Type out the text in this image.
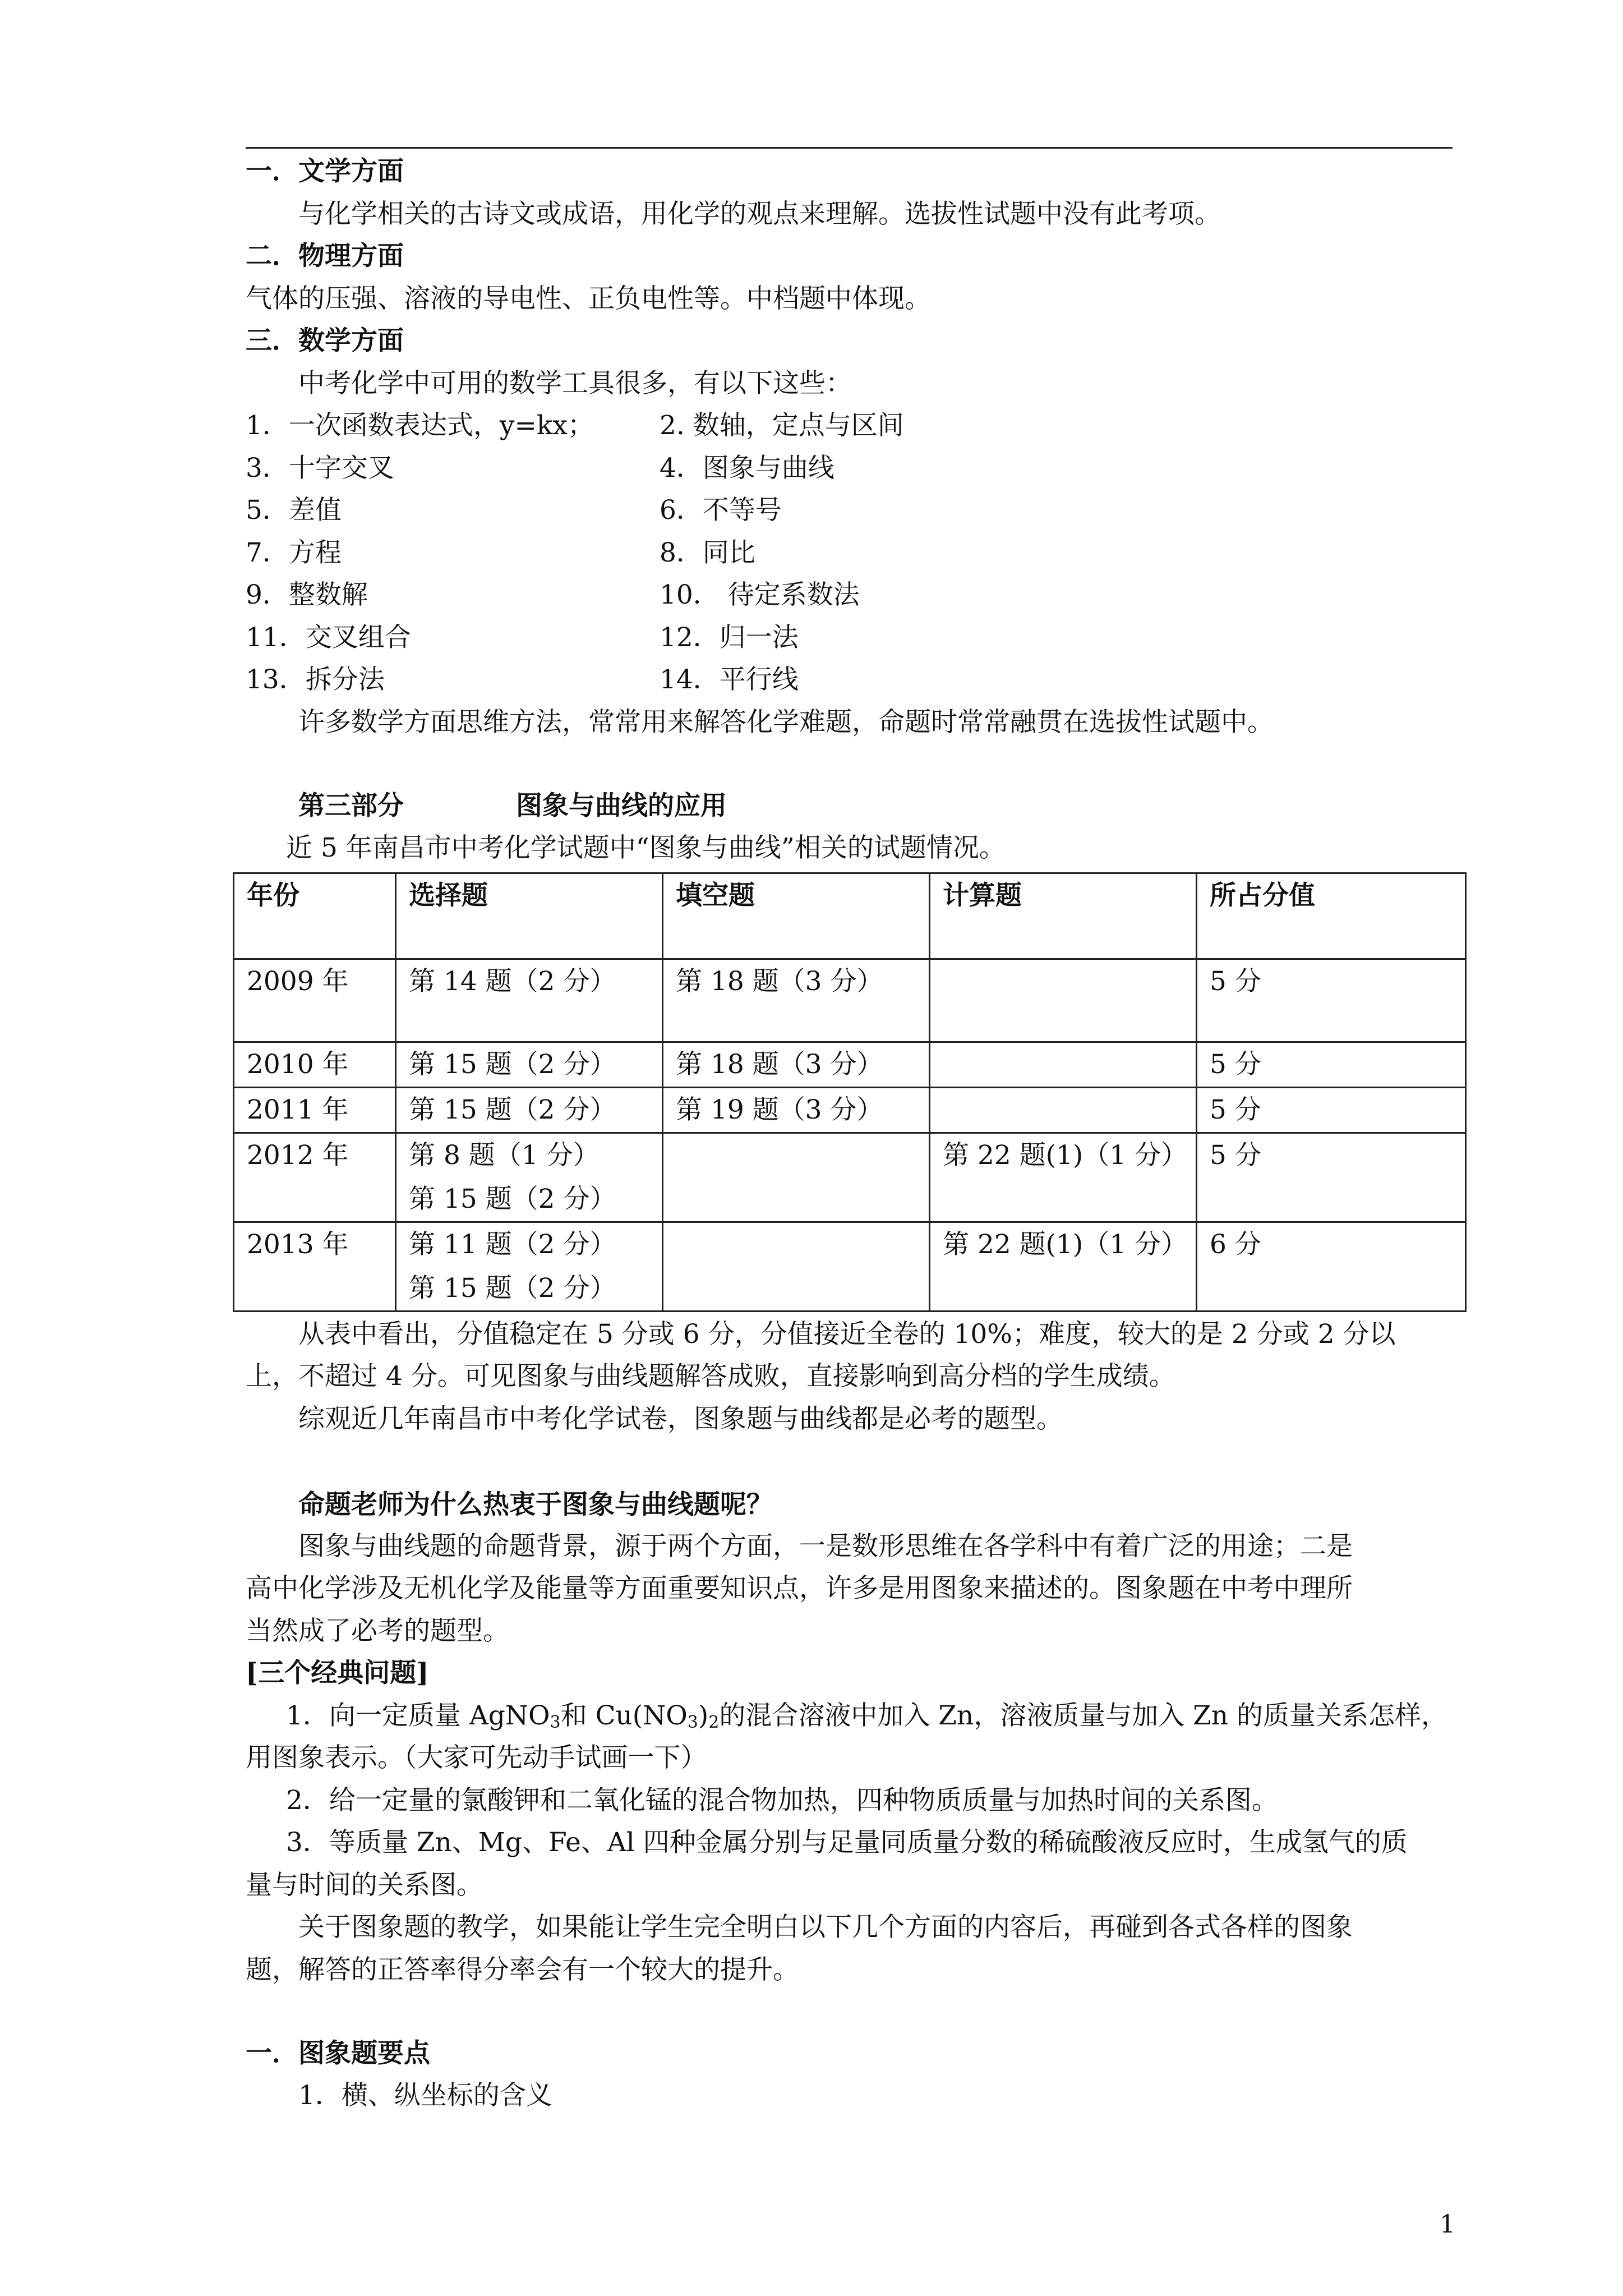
一．文学方面
与化学相关的古诗文或成语，用化学的观点来理解。选拔性试题中没有此考项。
二．物理方面
气体的压强、溶液的导电性、正负电性等。中档题中体现。
三．数学方面
中考化学中可用的数学工具很多，有以下这些：
1．一次函数表达式，y=kx； 2. 数轴，定点与区间
3．十字交叉	4．图象与曲线
5．差值	6．不等号
7．方程	8．同比
9．整数解	10． 待定系数法
11．交叉组合	12．归一法
13．拆分法	14．平行线
许多数学方面思维方法，常常用来解答化学难题，命题时常常融贯在选拔性试题中。
第三部分	图象与曲线的应用
近 5 年南昌市中考化学试题中“图象与曲线”相关的试题情况。
年份	选择题	填空题	计算题	所占分值
2009 年	第 14 题（2 分）	第 18 题（3 分）		5 分
2010 年	第 15 题（2 分）	第 18 题（3 分）		5 分
2011 年	第 15 题（2 分）	第 19 题（3 分）		5 分
2012 年	第 8 题（1 分）
第 15 题（2 分）		第 22 题(1)（1 分）	5 分
2013 年	第 11 题（2 分）
第 15 题（2 分）		第 22 题(1)（1 分）	6 分
从表中看出，分值稳定在 5 分或 6 分，分值接近全卷的 10%；难度，较大的是 2 分或 2 分以
上，不超过 4 分。可见图象与曲线题解答成败，直接影响到高分档的学生成绩。
综观近几年南昌市中考化学试卷，图象题与曲线都是必考的题型。
命题老师为什么热衷于图象与曲线题呢？
图象与曲线题的命题背景，源于两个方面，一是数形思维在各学科中有着广泛的用途；二是
高中化学涉及无机化学及能量等方面重要知识点，许多是用图象来描述的。图象题在中考中理所
当然成了必考的题型。
[三个经典问题]
1．向一定质量 AgNO$_3$和 $Cu(NO_3)_2$的混合溶液中加入 Zn，溶液质量与加入 Zn 的质量关系怎样，
用图象表示。（大家可先动手试画一下）
2．给一定量的氯酸钾和二氧化锰的混合物加热，四种物质质量与加热时间的关系图。
3．等质量 Zn、Mg、Fe、Al 四种金属分别与足量同质量分数的稀硫酸液反应时，生成氢气的质
量与时间的关系图。
关于图象题的教学，如果能让学生完全明白以下几个方面的内容后，再碰到各式各样的图象
题，解答的正答率得分率会有一个较大的提升。
一．图象题要点
1．横、纵坐标的含义
1
